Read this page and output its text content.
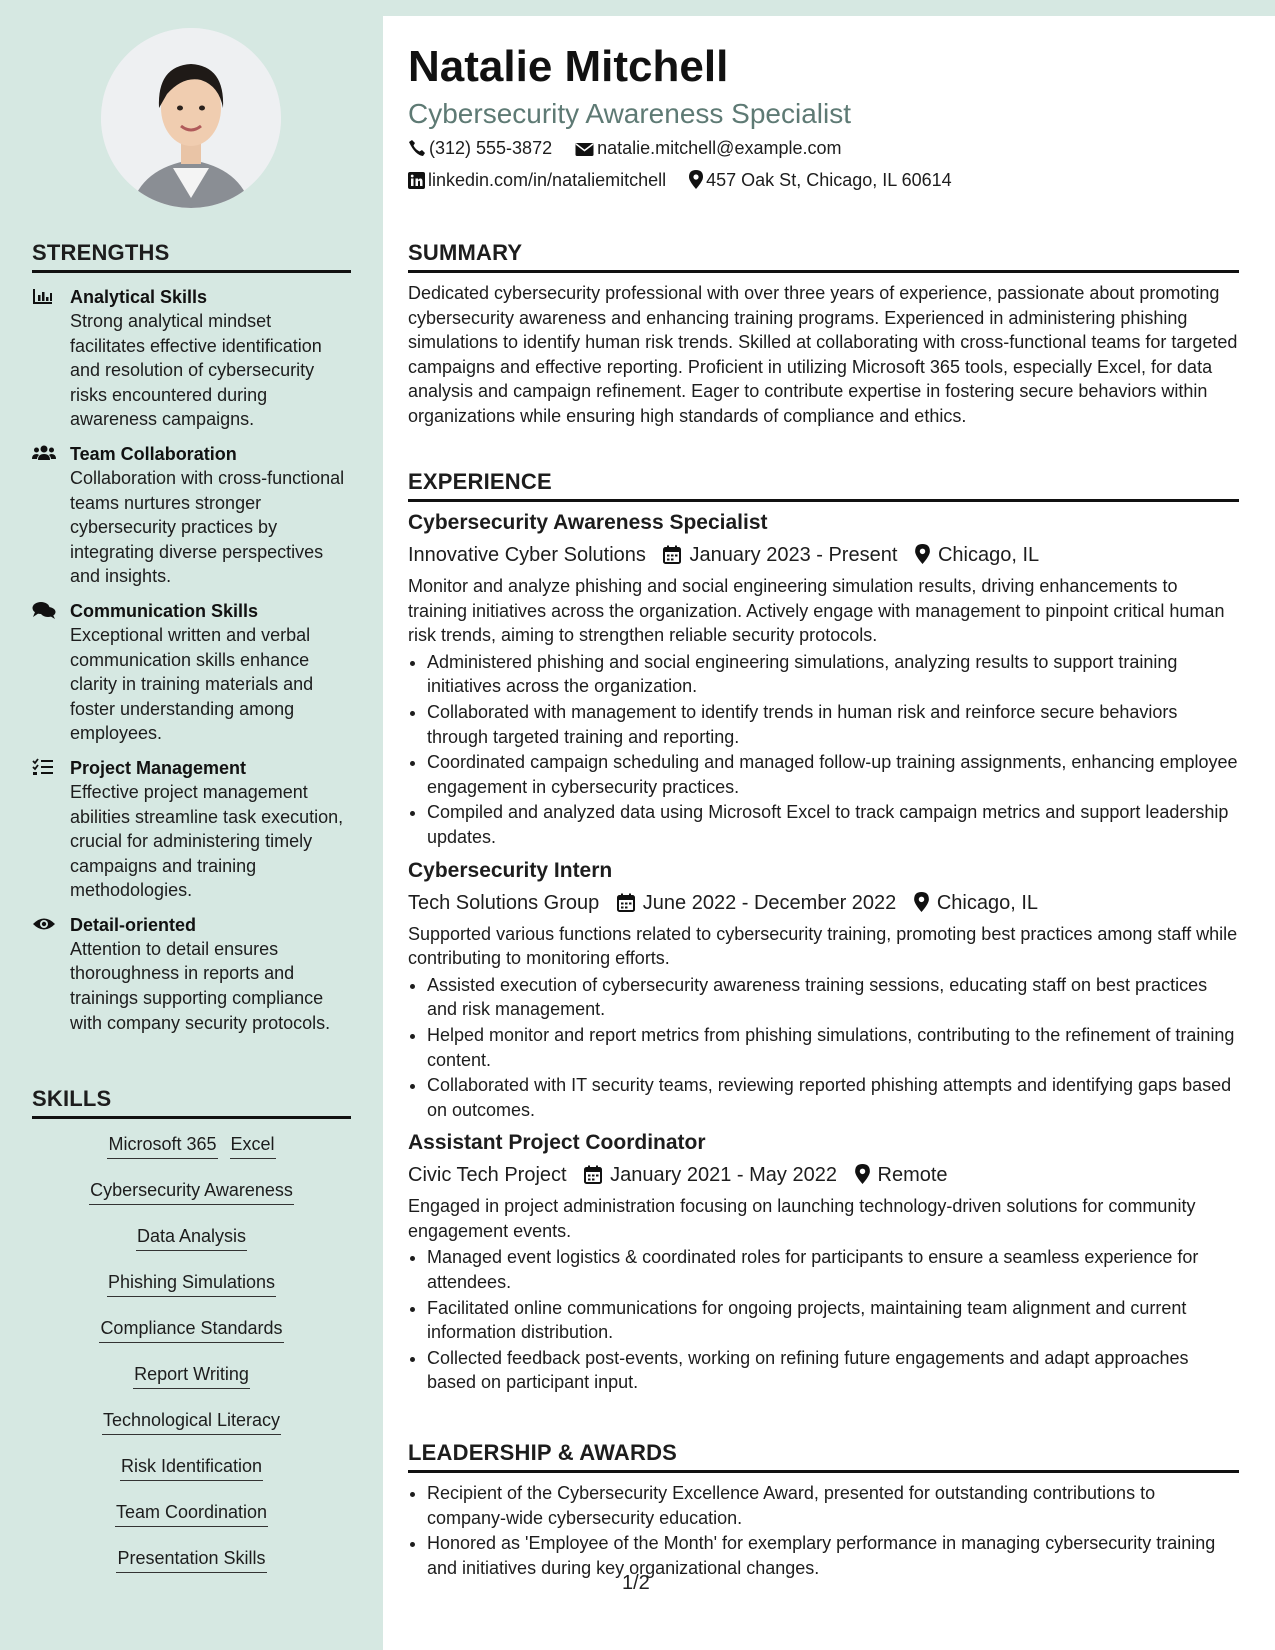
STRENGTHS
Analytical Skills
Strong analytical mindset facilitates effective identification and resolution of cybersecurity risks encountered during awareness campaigns.
Team Collaboration
Collaboration with cross-functional teams nurtures stronger cybersecurity practices by integrating diverse perspectives and insights.
Communication Skills
Exceptional written and verbal communication skills enhance clarity in training materials and foster understanding among employees.
Project Management
Effective project management abilities streamline task execution, crucial for administering timely campaigns and training methodologies.
Detail-oriented
Attention to detail ensures thoroughness in reports and trainings supporting compliance with company security protocols.
SKILLS
Microsoft 365 Excel
Cybersecurity Awareness
Data Analysis
Phishing Simulations
Compliance Standards
Report Writing
Technological Literacy
Risk Identification
Team Coordination
Presentation Skills
Natalie Mitchell
Cybersecurity Awareness Specialist
(312) 555-3872	natalie.mitchell@example.com
linkedin.com/in/nataliemitchell 457 Oak St, Chicago, IL 60614
SUMMARY

Dedicated cybersecurity professional with over three years of experience, passionate about promoting cybersecurity awareness and enhancing training programs. Experienced in administering phishing simulations to identify human risk trends. Skilled at collaborating with cross-functional teams for targeted campaigns and effective reporting. Proficient in utilizing Microsoft 365 tools, especially Excel, for data analysis and campaign refinement. Eager to contribute expertise in fostering secure behaviors within organizations while ensuring high standards of compliance and ethics.

EXPERIENCE
Cybersecurity Awareness Specialist
Innovative Cyber Solutions January 2023 - Present Chicago, IL

Monitor and analyze phishing and social engineering simulation results, driving enhancements to training initiatives across the organization. Actively engage with management to pinpoint critical human risk trends, aiming to strengthen reliable security protocols.

• Administered phishing and social engineering simulations, analyzing results to support training initiatives across the organization.
• Collaborated with management to identify trends in human risk and reinforce secure behaviors through targeted training and reporting.
• Coordinated campaign scheduling and managed follow-up training assignments, enhancing employee engagement in cybersecurity practices.
• Compiled and analyzed data using Microsoft Excel to track campaign metrics and support leadership updates.
Cybersecurity Intern
Tech Solutions Group June 2022 - December 2022 Chicago, IL

Supported various functions related to cybersecurity training, promoting best practices among staff while contributing to monitoring efforts.

• Assisted execution of cybersecurity awareness training sessions, educating staff on best practices and risk management.
• Helped monitor and report metrics from phishing simulations, contributing to the refinement of training content.
• Collaborated with IT security teams, reviewing reported phishing attempts and identifying gaps based on outcomes.
Assistant Project Coordinator
Civic Tech Project January 2021 - May 2022 Remote

Engaged in project administration focusing on launching technology-driven solutions for community engagement events.

• Managed event logistics & coordinated roles for participants to ensure a seamless experience for attendees.
• Facilitated online communications for ongoing projects, maintaining team alignment and current information distribution.
• Collected feedback post-events, working on refining future engagements and adapt approaches based on participant input.
LEADERSHIP & AWARDS
• Recipient of the Cybersecurity Excellence Award, presented for outstanding contributions to company-wide cybersecurity education.
• Honored as 'Employee of the Month' for exemplary performance in managing cybersecurity training and initiatives during key organizational changes.
1/2
